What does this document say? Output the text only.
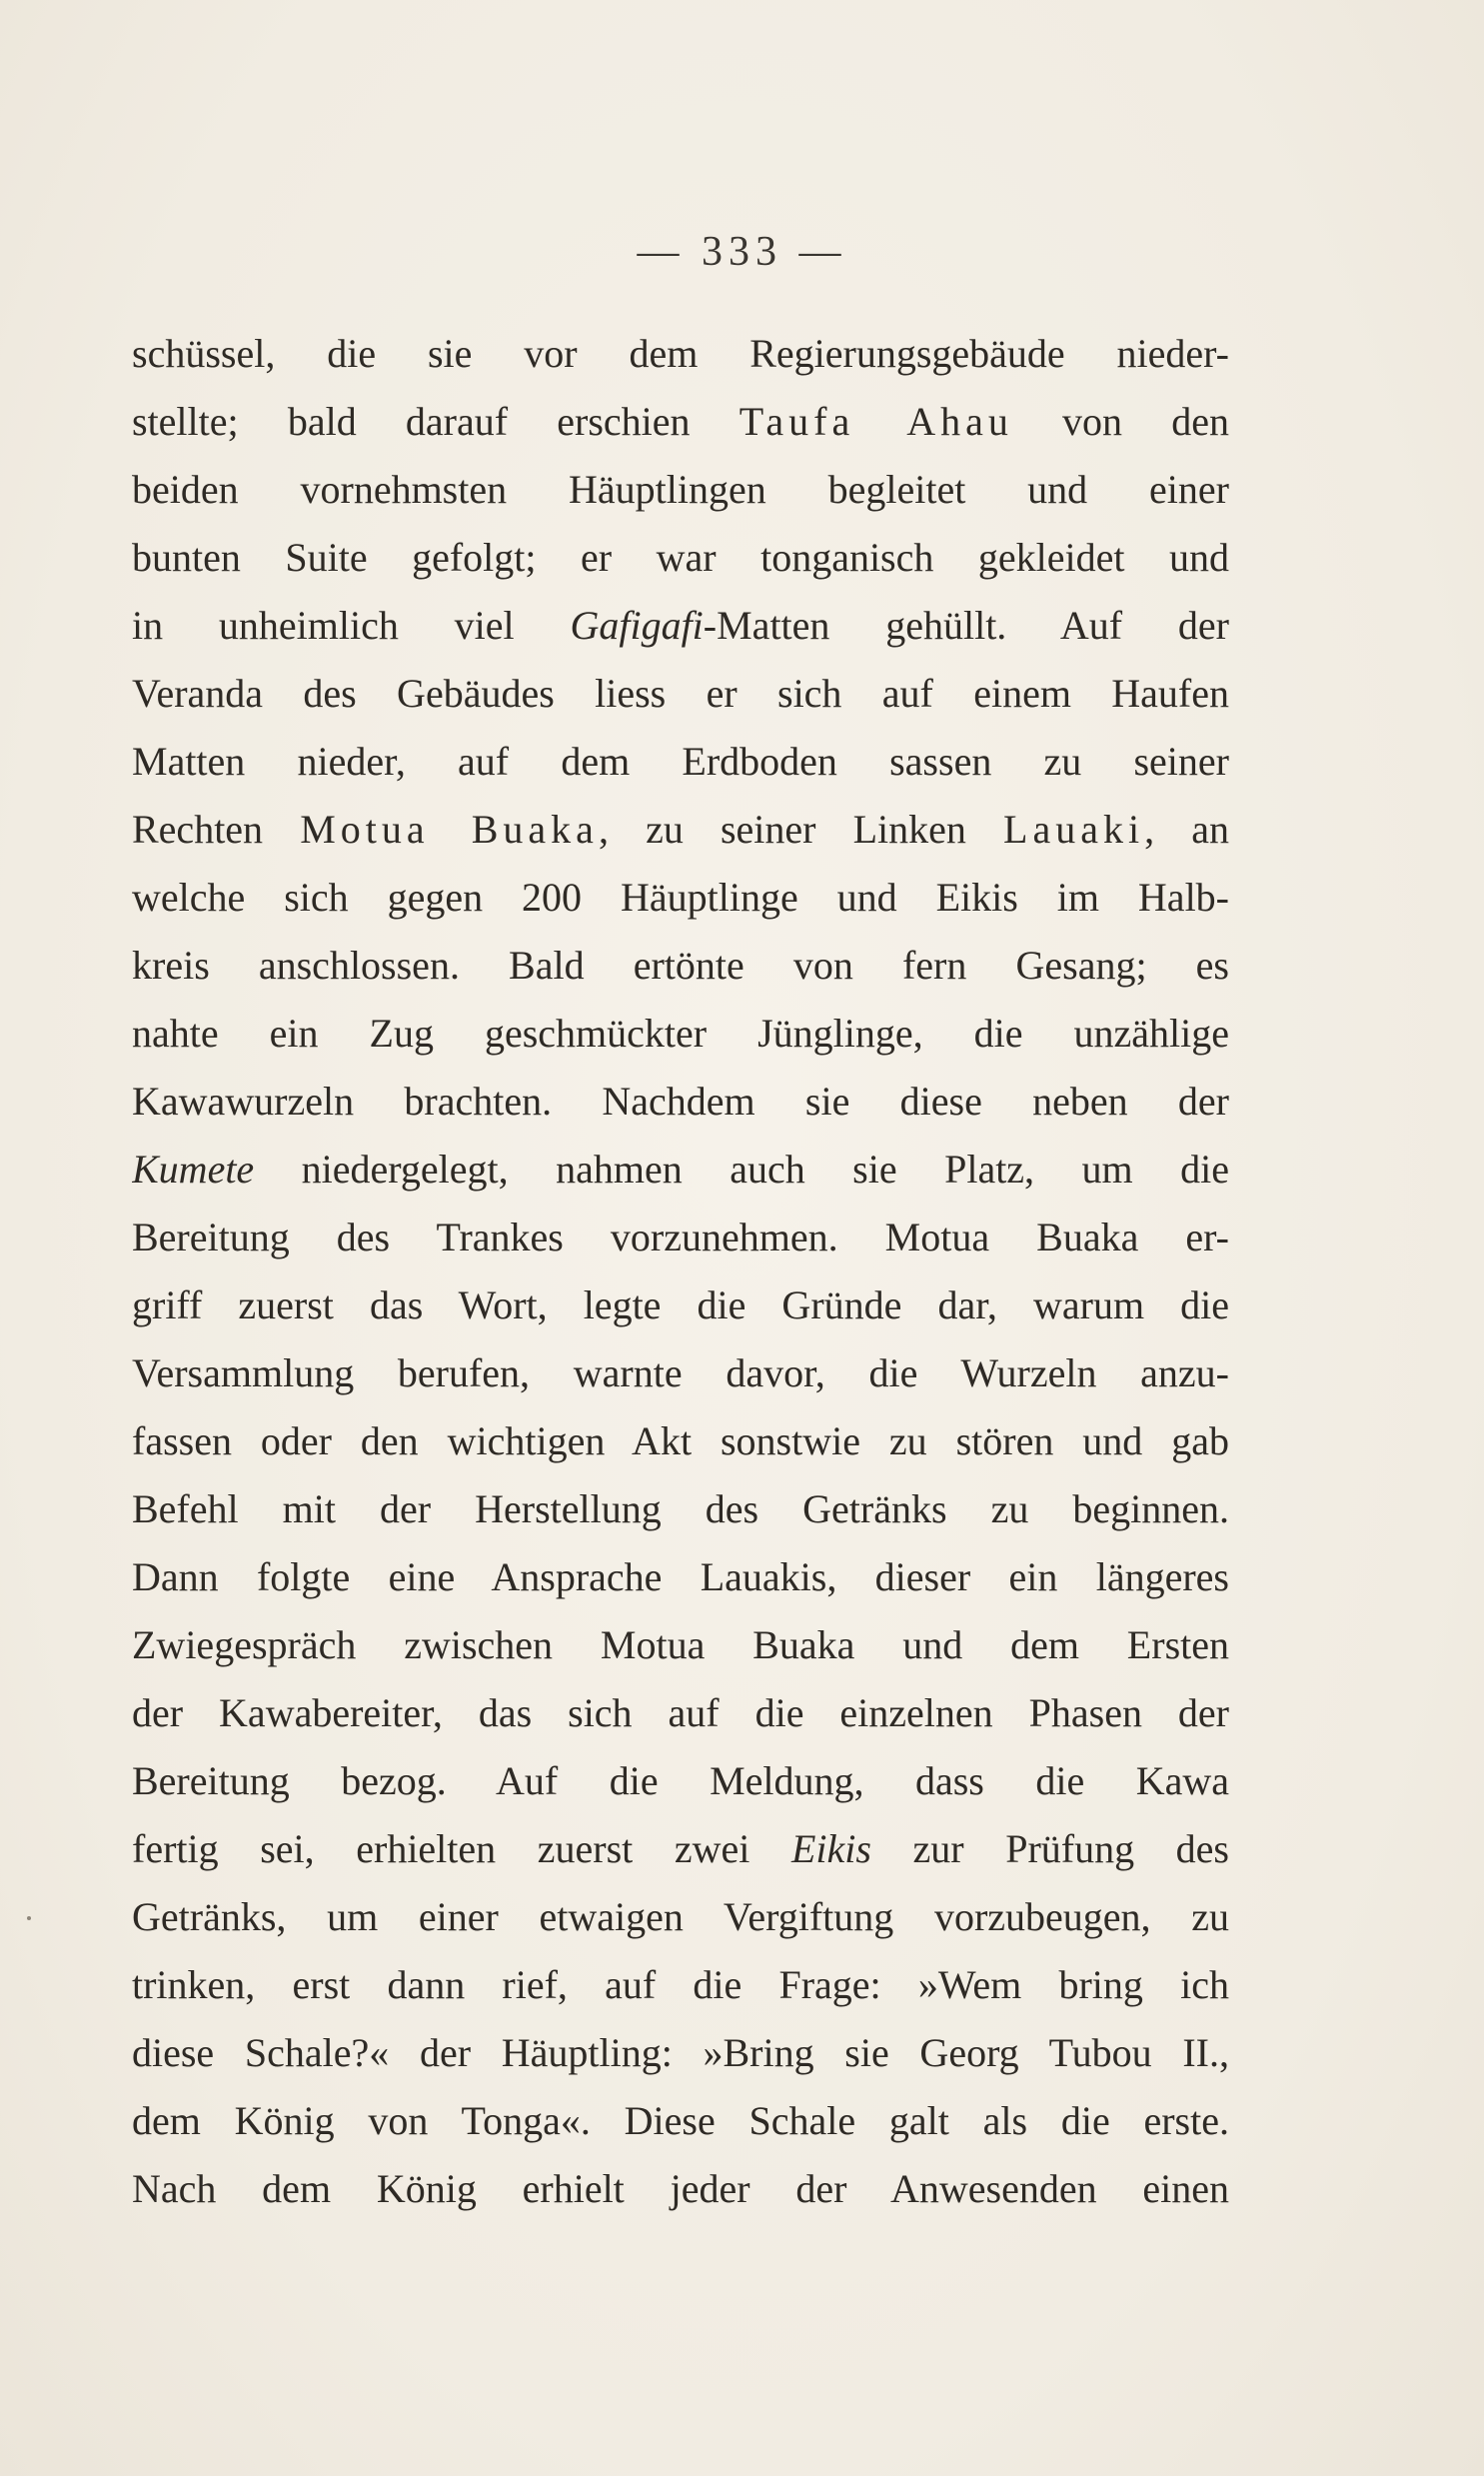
— 333 —
schüssel, die sie vor dem Regierungsgebäude nieder-
stellte; bald darauf erschien Taufa Ahau von den
beiden vornehmsten Häuptlingen begleitet und einer
bunten Suite gefolgt; er war tonganisch gekleidet und
in unheimlich viel Gafigafi-Matten gehüllt. Auf der
Veranda des Gebäudes liess er sich auf einem Haufen
Matten nieder, auf dem Erdboden sassen zu seiner
Rechten Motua Buaka, zu seiner Linken Lauaki, an
welche sich gegen 200 Häuptlinge und Eikis im Halb-
kreis anschlossen. Bald ertönte von fern Gesang; es
nahte ein Zug geschmückter Jünglinge, die unzählige
Kawawurzeln brachten. Nachdem sie diese neben der
Kumete niedergelegt, nahmen auch sie Platz, um die
Bereitung des Trankes vorzunehmen. Motua Buaka er-
griff zuerst das Wort, legte die Gründe dar, warum die
Versammlung berufen, warnte davor, die Wurzeln anzu-
fassen oder den wichtigen Akt sonstwie zu stören und gab
Befehl mit der Herstellung des Getränks zu beginnen.
Dann folgte eine Ansprache Lauakis, dieser ein längeres
Zwiegespräch zwischen Motua Buaka und dem Ersten
der Kawabereiter, das sich auf die einzelnen Phasen der
Bereitung bezog. Auf die Meldung, dass die Kawa
fertig sei, erhielten zuerst zwei Eikis zur Prüfung des
Getränks, um einer etwaigen Vergiftung vorzubeugen, zu
trinken, erst dann rief, auf die Frage: »Wem bring ich
diese Schale?« der Häuptling: »Bring sie Georg Tubou II.,
dem König von Tonga«. Diese Schale galt als die erste.
Nach dem König erhielt jeder der Anwesenden einen
